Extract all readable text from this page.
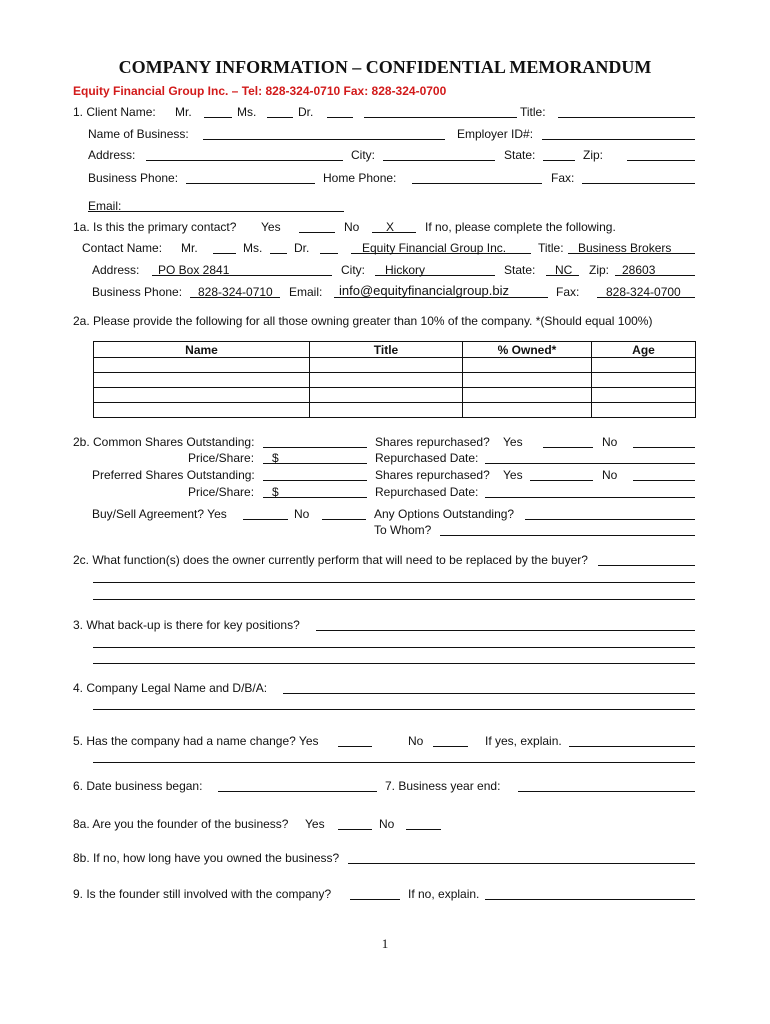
COMPANY INFORMATION – CONFIDENTIAL MEMORANDUM
Equity Financial Group Inc. – Tel: 828-324-0710 Fax: 828-324-0700
1. Client Name: Mr.	Ms.	Dr.	Title:
Name of Business:	Employer ID#:
Address:	City:	State:	Zip:
Business Phone:	Home Phone:	Fax:
Email:
1a. Is this the primary contact? Yes	No X	If no, please complete the following.
Contact Name: Mr.	Ms.	Dr.	Equity Financial Group Inc.	Title: Business Brokers
Address: PO Box 2841	City: Hickory	State: NC Zip: 28603
Business Phone: 828-324-0710 Email: info@equityfinancialgroup.biz	Fax: 828-324-0700
2a. Please provide the following for all those owning greater than 10% of the company. *(Should equal 100%)
Name	Title	% Owned*	Age

2b. Common Shares Outstanding:	Shares repurchased? Yes	No
Price/Share: $	Repurchased Date:
Preferred Shares Outstanding:	Shares repurchased? Yes	No
Price/Share: $	Repurchased Date:
Buy/Sell Agreement? Yes	No	Any Options Outstanding?
To Whom?
2c. What function(s) does the owner currently perform that will need to be replaced by the buyer?
3. What back-up is there for key positions?
4. Company Legal Name and D/B/A:
5. Has the company had a name change? Yes	No	If yes, explain.
6. Date business began:	7. Business year end:
8a. Are you the founder of the business? Yes	No
8b. If no, how long have you owned the business?
9. Is the founder still involved with the company?	If no, explain.
1
